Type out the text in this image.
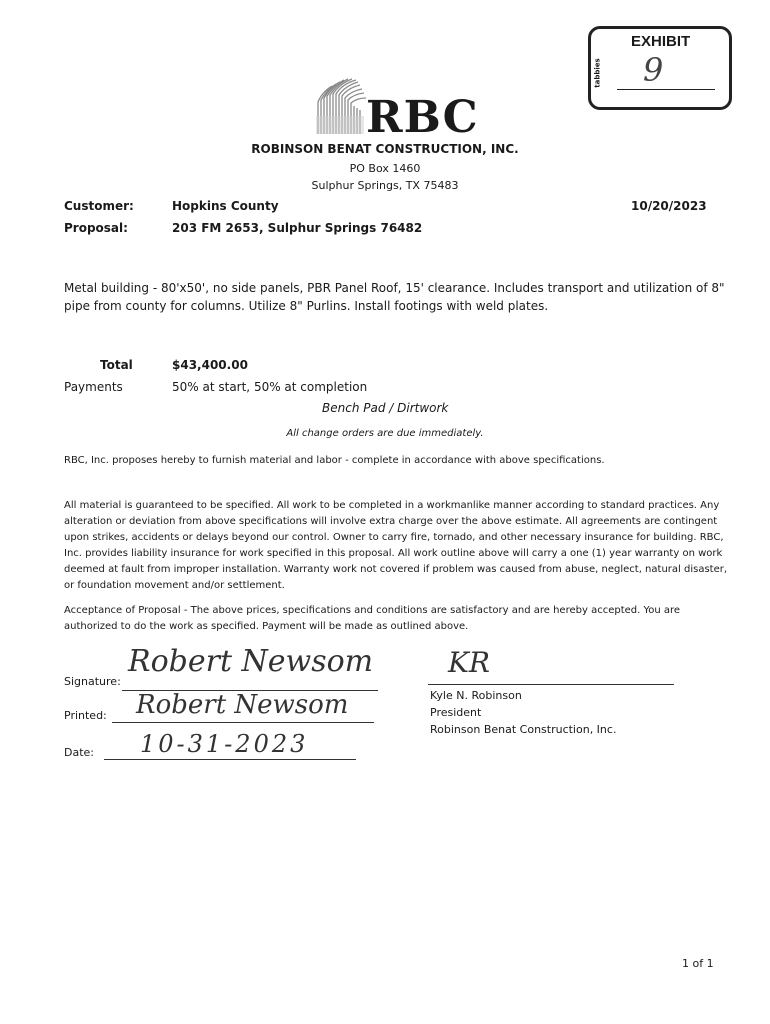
tabbies
EXHIBIT
9
RBC
ROBINSON BENAT CONSTRUCTION, INC.
PO Box 1460
Sulphur Springs, TX 75483
Customer:	Hopkins County	10/20/2023
Proposal:	203 FM 2653, Sulphur Springs 76482
Metal building - 80'x50', no side panels, PBR Panel Roof, 15' clearance. Includes transport and utilization of 8"
pipe from county for columns. Utilize 8" Purlins. Install footings with weld plates.
Total	$43,400.00
Payments	50% at start, 50% at completion
Bench Pad / Dirtwork
All change orders are due immediately.
RBC, Inc. proposes hereby to furnish material and labor - complete in accordance with above specifications.
All material is guaranteed to be specified. All work to be completed in a workmanlike manner according to standard practices. Any
alteration or deviation from above specifications will involve extra charge over the above estimate. All agreements are contingent
upon strikes, accidents or delays beyond our control. Owner to carry fire, tornado, and other necessary insurance for building. RBC,
Inc. provides liability insurance for work specified in this proposal. All work outline above will carry a one (1) year warranty on work
deemed at fault from improper installation. Warranty work not covered if problem was caused from abuse, neglect, natural disaster,
or foundation movement and/or settlement.
Acceptance of Proposal - The above prices, specifications and conditions are satisfactory and are hereby accepted. You are
authorized to do the work as specified. Payment will be made as outlined above.
Signature:
Robert Newsom
Printed: Robert Newsom
Date: 10-31-2023
KR
Kyle N. Robinson
President
Robinson Benat Construction, Inc.
1 of 1
